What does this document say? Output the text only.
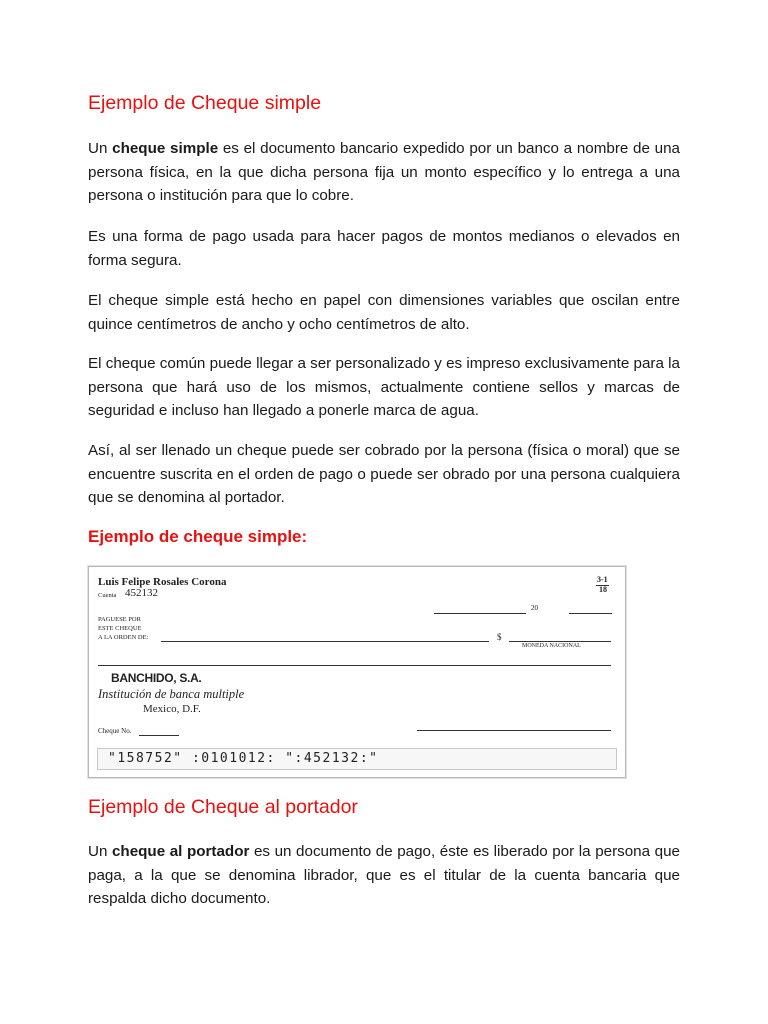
Ejemplo de Cheque simple

Un cheque simple es el documento bancario expedido por un banco a nombre de una persona física, en la que dicha persona fija un monto específico y lo entrega a una persona o institución para que lo cobre.

Es una forma de pago usada para hacer pagos de montos medianos o elevados en forma segura.

El cheque simple está hecho en papel con dimensiones variables que oscilan entre quince centímetros de ancho y ocho centímetros de alto.

El cheque común puede llegar a ser personalizado y es impreso exclusivamente para la persona que hará uso de los mismos, actualmente contiene sellos y marcas de seguridad e incluso han llegado a ponerle marca de agua.

Así, al ser llenado un cheque puede ser cobrado por la persona (física o moral) que se encuentre suscrita en el orden de pago o puede ser obrado por una persona cualquiera que se denomina al portador.

Ejemplo de cheque simple:
Luis Felipe Rosales Corona
Cuenta 452132
3-1
18
20
PAGUESE POR
ESTE CHEQUE
A LA ORDEN DE:	$
MONEDA NACIONAL
BANCHIDO, S.A.
Institución de banca multiple
Mexico, D.F.
Cheque No.
"158752" :0101012: ":452132:"
Ejemplo de Cheque al portador

Un cheque al portador es un documento de pago, éste es liberado por la persona que paga, a la que se denomina librador, que es el titular de la cuenta bancaria que respalda dicho documento.
